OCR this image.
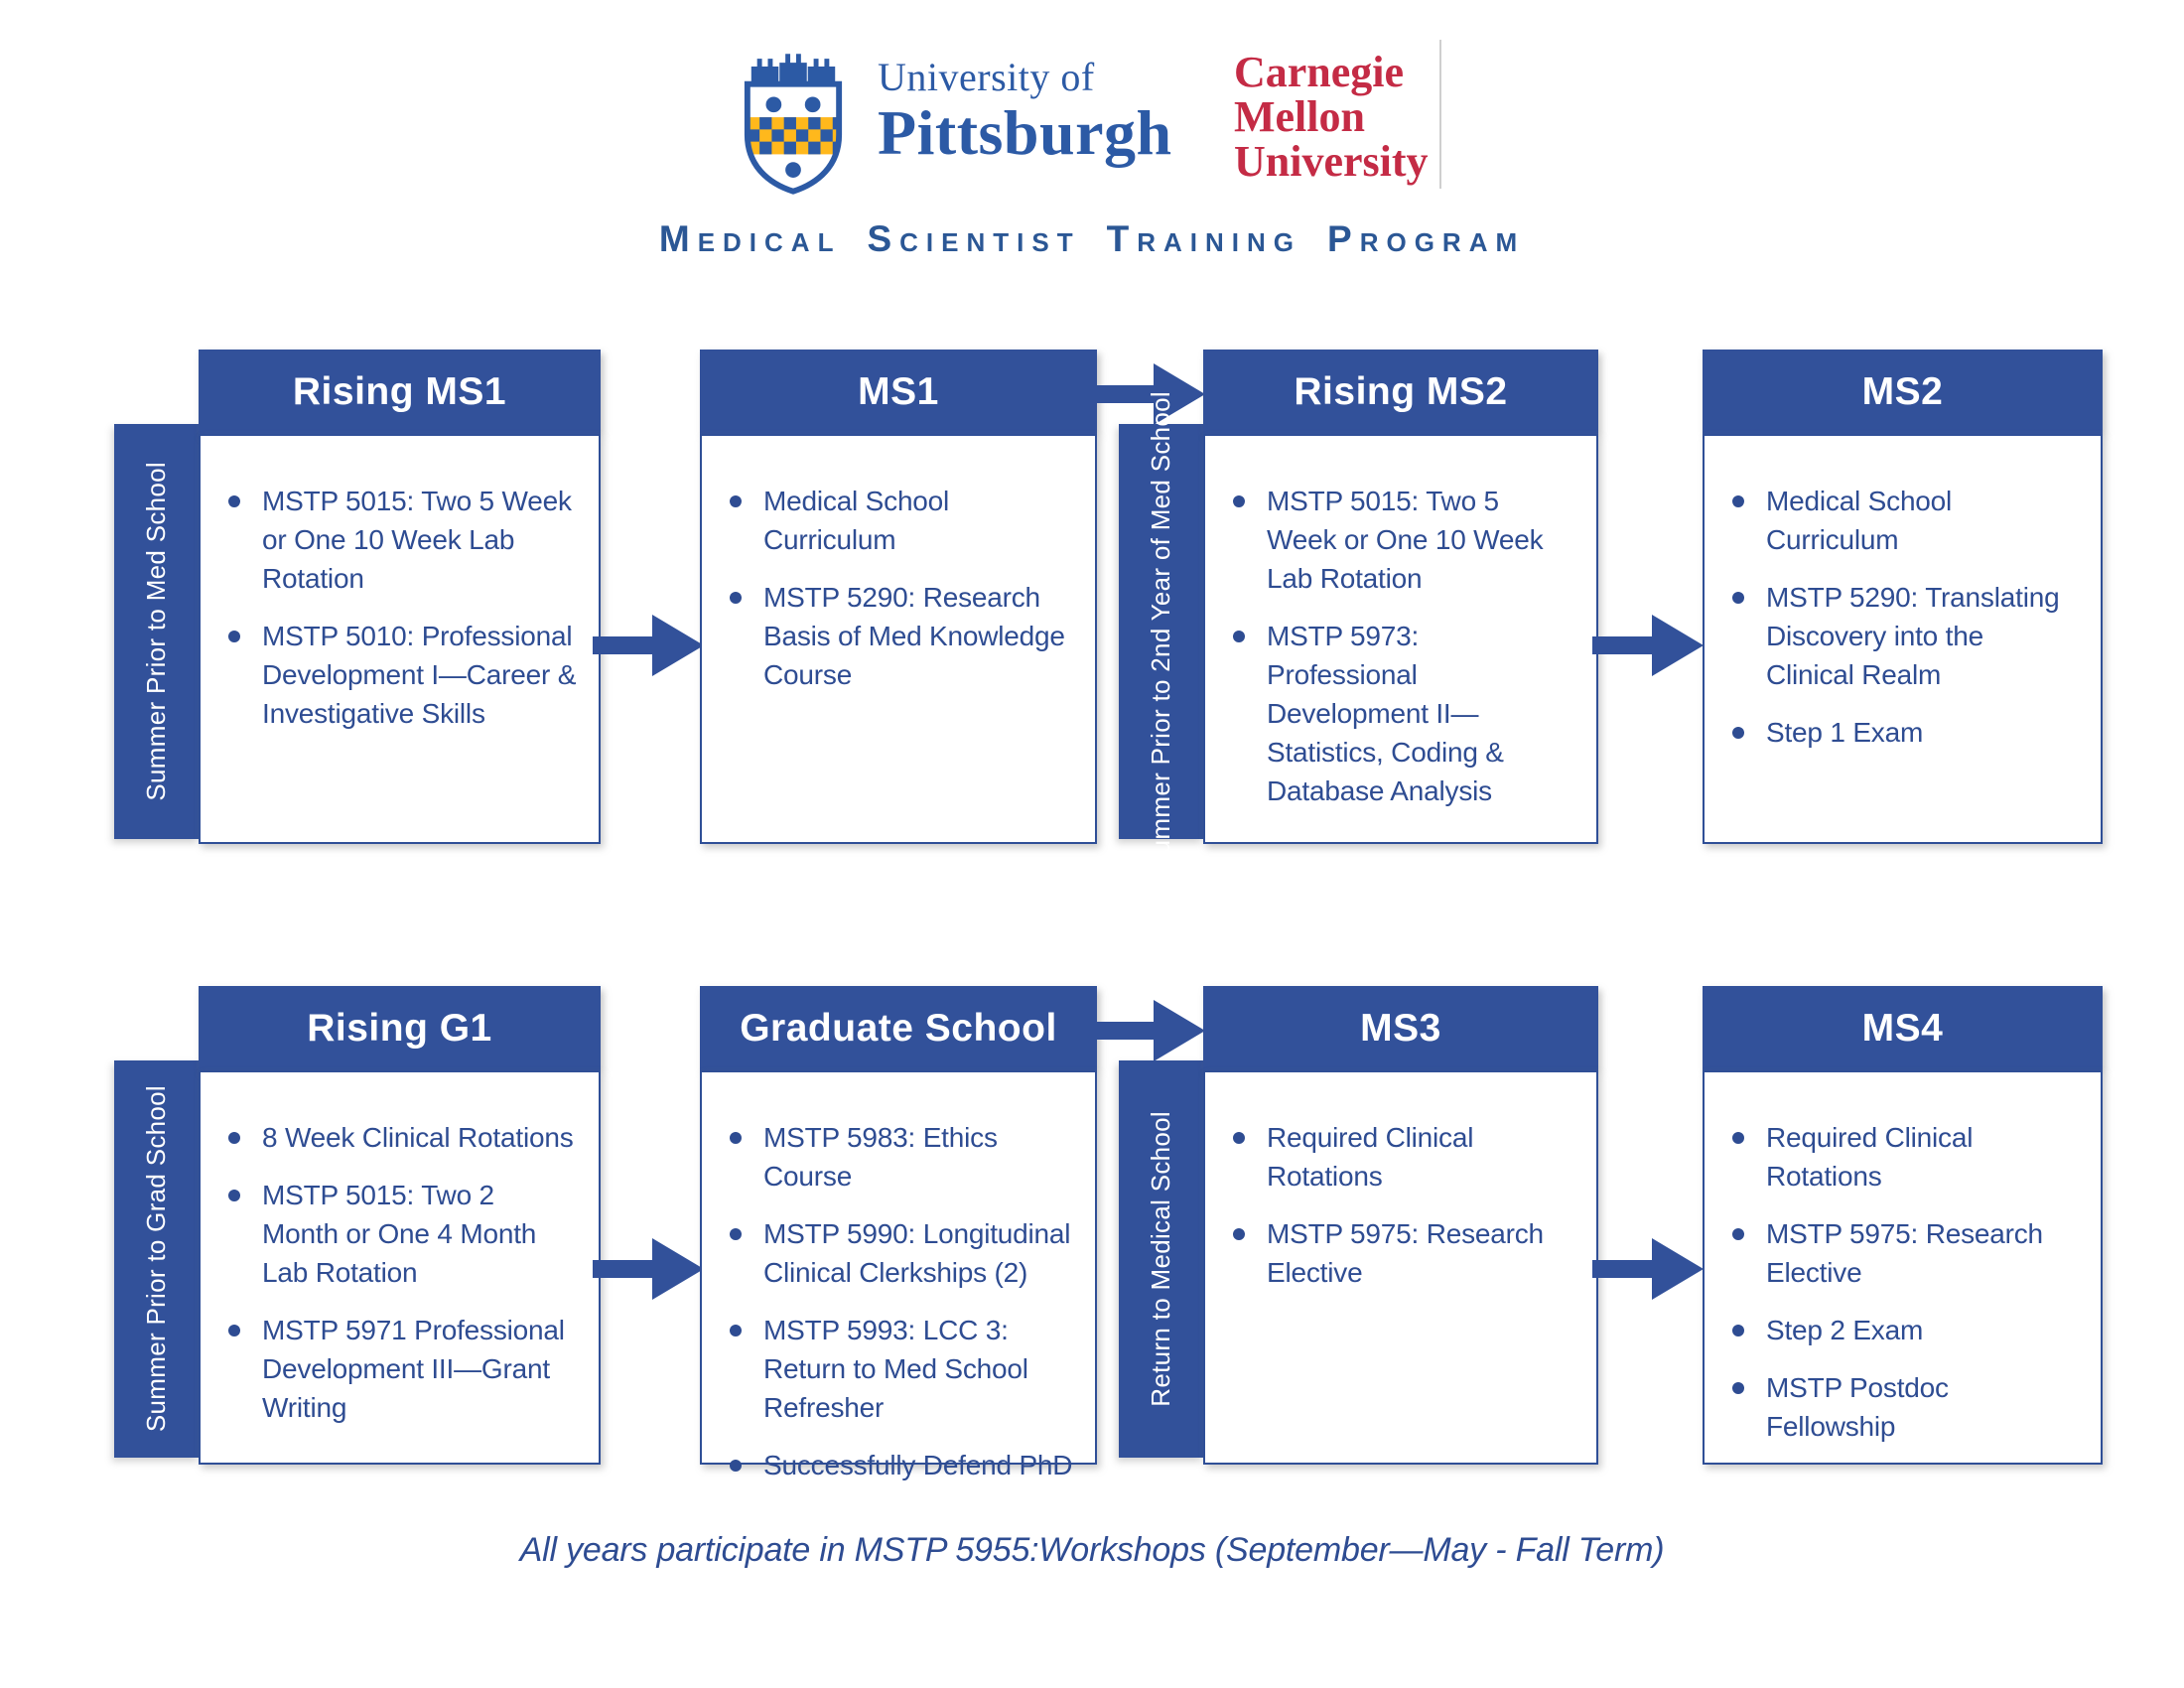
University of
Pittsburgh
Carnegie
Mellon
University
MEDICAL SCIENTIST TRAINING PROGRAM
Summer Prior to Med School
Rising MS1
MSTP 5015: Two 5 Week or One 10 Week Lab Rotation
MSTP 5010: Professional Development I—Career & Investigative Skills
MS1
Medical School Curriculum
MSTP 5290: Research Basis of Med Knowledge Course	Summer Prior to 2nd Year of Med School
Rising MS2
MSTP 5015: Two 5 Week or One 10 Week Lab Rotation
MSTP 5973: Professional Development II—Statistics, Coding & Database Analysis
MS2
Medical School Curriculum
MSTP 5290: Translating Discovery into the Clinical Realm
Step 1 Exam
Summer Prior to Grad School
Rising G1
8 Week Clinical Rotations
MSTP 5015: Two 2 Month or One 4 Month Lab Rotation
MSTP 5971 Professional Development III—Grant Writing
Graduate School
MSTP 5983: Ethics Course
MSTP 5990: Longitudinal Clinical Clerkships (2)
MSTP 5993: LCC 3: Return to Med School Refresher
Successfully Defend PhD
Return to Medical School
MS3
Required Clinical Rotations
MSTP 5975: Research Elective
MS4
Required Clinical Rotations
MSTP 5975: Research Elective
Step 2 Exam
MSTP Postdoc Fellowship
All years participate in MSTP 5955:Workshops (September—May - Fall Term)
